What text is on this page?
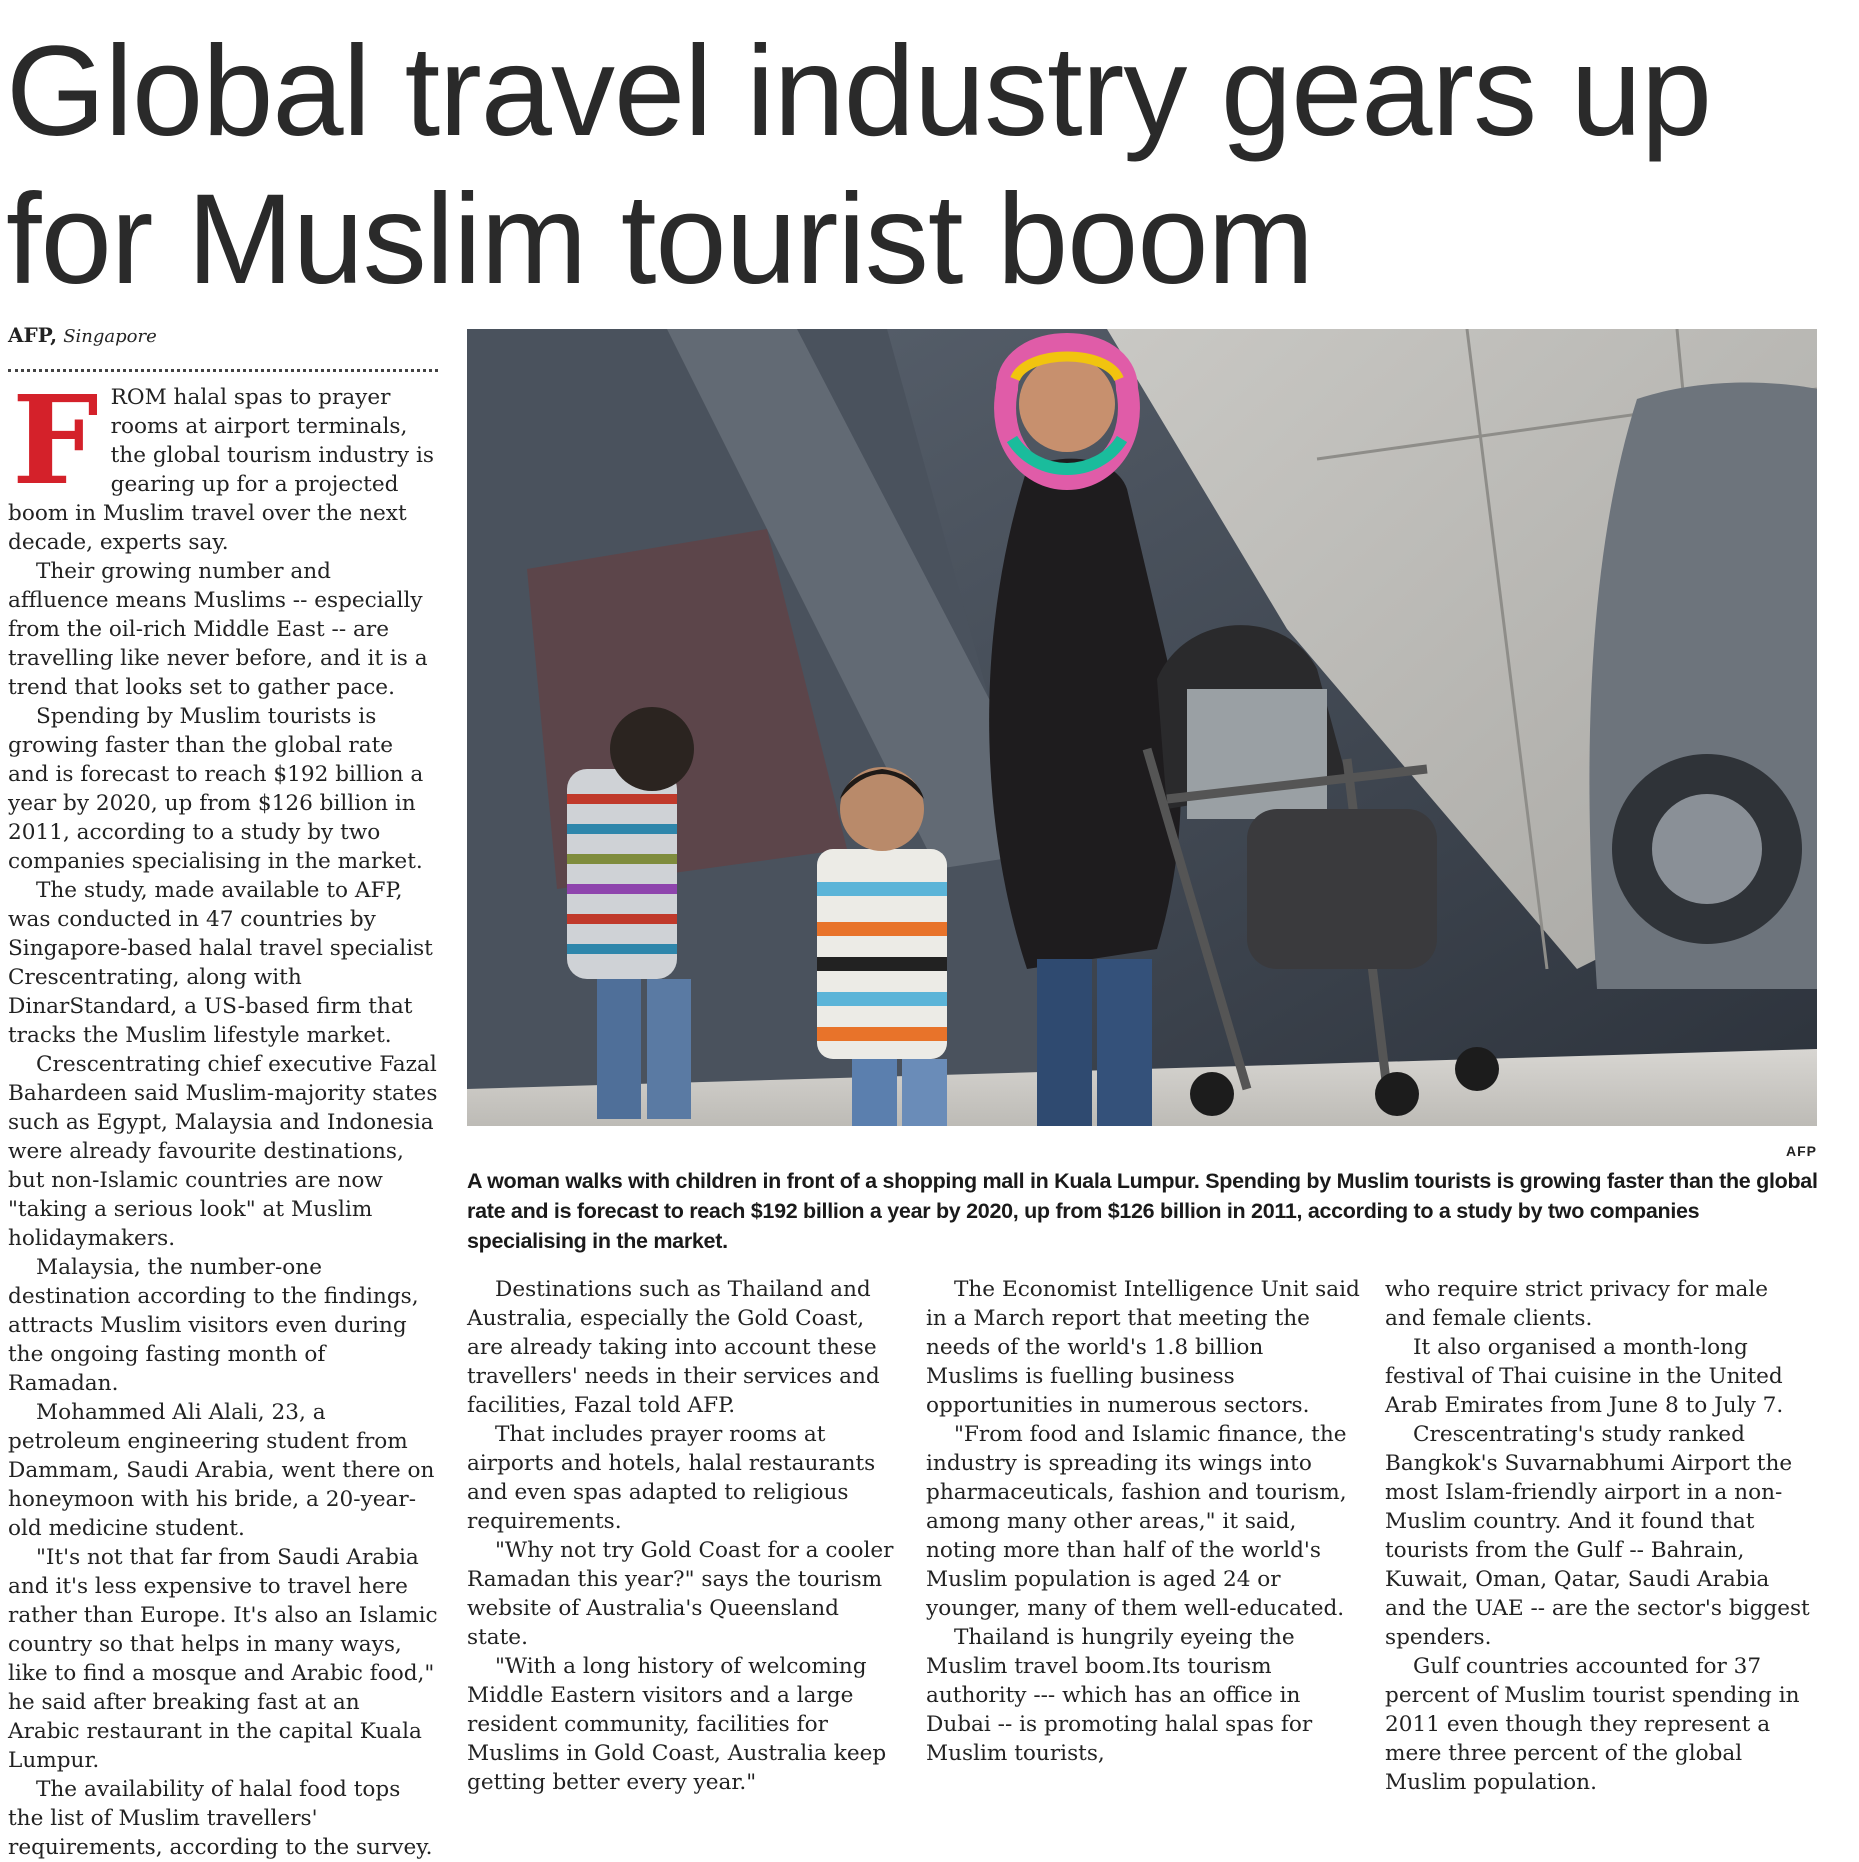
Global travel industry gears up for Muslim tourist boom
AFP, Singapore

FROM halal spas to prayer rooms at airport terminals, the global tourism industry is gearing up for a projected boom in Muslim travel over the next decade, experts say.

Their growing number and affluence means Muslims -- especially from the oil-rich Middle East -- are travelling like never before, and it is a trend that looks set to gather pace.

Spending by Muslim tourists is growing faster than the global rate and is forecast to reach $192 billion a year by 2020, up from $126 billion in 2011, according to a study by two companies specialising in the market.

The study, made available to AFP, was conducted in 47 countries by Singapore-based halal travel specialist Crescentrating, along with DinarStandard, a US-based firm that tracks the Muslim lifestyle market.

Crescentrating chief executive Fazal Bahardeen said Muslim-majority states such as Egypt, Malaysia and Indonesia were already favourite destinations, but non-Islamic countries are now "taking a serious look" at Muslim holidaymakers.

Malaysia, the number-one destination according to the findings, attracts Muslim visitors even during the ongoing fasting month of Ramadan.

Mohammed Ali Alali, 23, a petroleum engineering student from Dammam, Saudi Arabia, went there on honeymoon with his bride, a 20-year-old medicine student.

"It's not that far from Saudi Arabia and it's less expensive to travel here rather than Europe. It's also an Islamic country so that helps in many ways, like to find a mosque and Arabic food," he said after breaking fast at an Arabic restaurant in the capital Kuala Lumpur.

The availability of halal food tops the list of Muslim travellers' requirements, according to the survey.

AFP
A woman walks with children in front of a shopping mall in Kuala Lumpur. Spending by Muslim tourists is growing faster than the global rate and is forecast to reach $192 billion a year by 2020, up from $126 billion in 2011, according to a study by two companies specialising in the market.

Destinations such as Thailand and Australia, especially the Gold Coast, are already taking into account these travellers' needs in their services and facilities, Fazal told AFP.

That includes prayer rooms at airports and hotels, halal restaurants and even spas adapted to religious requirements.

"Why not try Gold Coast for a cooler Ramadan this year?" says the tourism website of Australia's Queensland state.

"With a long history of welcoming Middle Eastern visitors and a large resident community, facilities for Muslims in Gold Coast, Australia keep getting better every year."

The Economist Intelligence Unit said in a March report that meeting the needs of the world's 1.8 billion Muslims is fuelling business opportunities in numerous sectors.

"From food and Islamic finance, the industry is spreading its wings into pharmaceuticals, fashion and tourism, among many other areas," it said, noting more than half of the world's Muslim population is aged 24 or younger, many of them well-educated.

Thailand is hungrily eyeing the Muslim travel boom.Its tourism authority --- which has an office in Dubai -- is promoting halal spas for Muslim tourists,

who require strict privacy for male and female clients.

It also organised a month-long festival of Thai cuisine in the United Arab Emirates from June 8 to July 7.

Crescentrating's study ranked Bangkok's Suvarnabhumi Airport the most Islam-friendly airport in a non-Muslim country. And it found that tourists from the Gulf -- Bahrain, Kuwait, Oman, Qatar, Saudi Arabia and the UAE -- are the sector's biggest spenders.

Gulf countries accounted for 37 percent of Muslim tourist spending in 2011 even though they represent a mere three percent of the global Muslim population.
